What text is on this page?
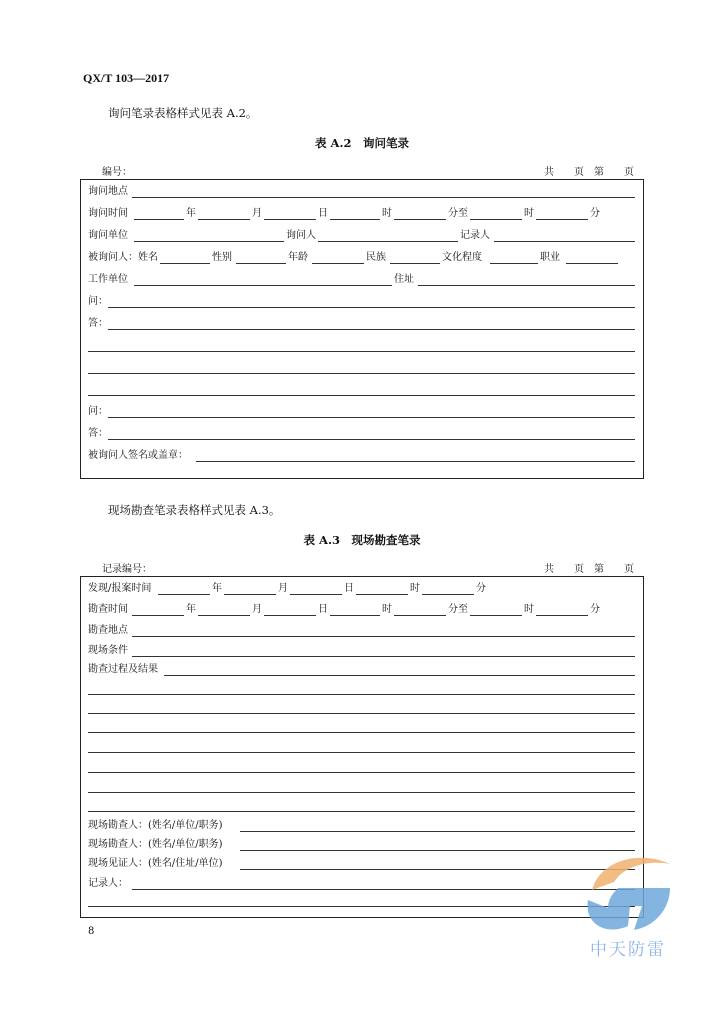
QX/T 103—2017
询问笔录表格样式见表 A.2。
表 A.2　询问笔录
编号：	共　　页　第　　页
询问地点
询问时间	年	月	日	时	分至	时	分
询问单位	询问人	记录人
被询问人：姓名	性别	年龄	民族	文化程度	职业
工作单位	住址
问：
答：
问：
答：
被询问人签名或盖章：
现场勘查笔录表格样式见表 A.3。
表 A.3　现场勘查笔录
记录编号：	共　　页　第　　页
发现/报案时间	年	月	日	时	分
勘查时间	年	月	日	时	分至	时	分
勘查地点
现场条件
勘查过程及结果
现场勘查人：(姓名/单位/职务)
现场勘查人：(姓名/单位/职务)
现场见证人：(姓名/住址/单位)
记录人：
8
中天防雷
